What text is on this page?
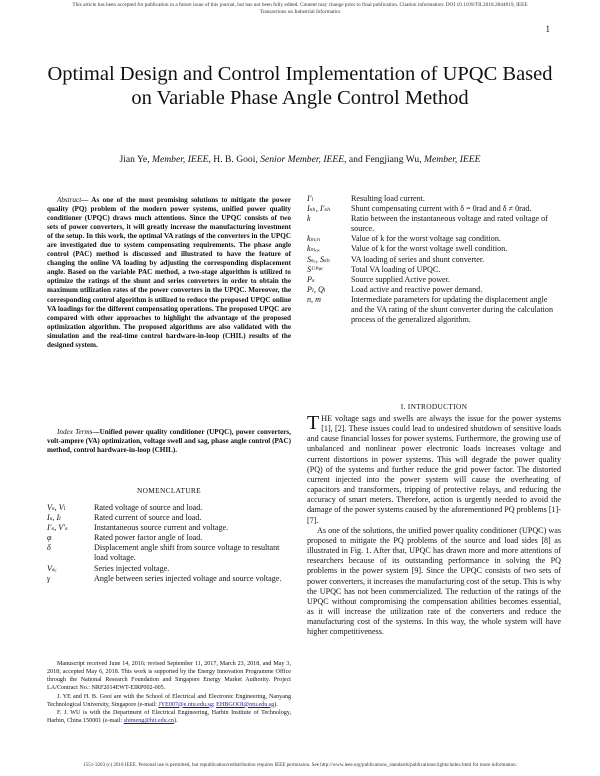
This article has been accepted for publication in a future issue of this journal, but has not been fully edited. Content may change prior to final publication. Citation information: DOI 10.1109/TII.2018.2844819, IEEE
Transactions on Industrial Informatics
1
Optimal Design and Control Implementation of UPQC Based on Variable Phase Angle Control Method
Jian Ye, Member, IEEE, H. B. Gooi, Senior Member, IEEE, and Fengjiang Wu, Member, IEEE
Abstract— As one of the most promising solutions to mitigate the power quality (PQ) problem of the modern power systems, unified power quality conditioner (UPQC) draws much attentions. Since the UPQC consists of two sets of power converters, it will greatly increase the manufacturing investment of the setup. In this work, the optimal VA ratings of the converters in the UPQC are investigated due to system compensating requirements. The phase angle control (PAC) method is discussed and illustrated to have the feature of changing the online VA loading by adjusting the corresponding displacement angle. Based on the variable PAC method, a two-stage algorithm is utilized to optimize the ratings of the shunt and series converters in order to obtain the maximum utilization rates of the power converters in the UPQC. Moreover, the corresponding control algorithm is utilized to reduce the proposed UPQC online VA loadings for the different compensating operations. The proposed UPQC are compared with other approaches to highlight the advantage of the proposed optimization algorithm. The proposed algorithms are also validated with the simulation and the real-time control hardware-in-loop (CHIL) results of the designed system.
Index Terms—Unified power quality conditioner (UPQC), power converters, volt-ampere (VA) optimization, voltage swell and sag, phase angle control (PAC) method, control hardware-in-loop (CHIL).
NOMENCLATURE
Vₛ, Vₗ	Rated voltage of source and load.
Iₛ, Iₗ	Rated current of source and load.
I′ₛ, V′ₛ	Instantaneous source current and voltage.
φ	Rated power factor angle of load.
δ	Displacement angle shift from source voltage to resultant load voltage.
Vₛₑ	Series injected voltage.
γ	Angle between series injected voltage and source voltage.

Manuscript received June 14, 2016; revised September 11, 2017, March 23, 2018, and May 3, 2018; accepted May 6, 2018. This work is supported by the Energy Innovation Programme Office through the National Research Foundation and Singapore Energy Market Authority. Project LA/Contract No.: NRF2014EWT-EIRP002-005.

J. YE and H. B. Gooi are with the School of Electrical and Electronic Engineering, Nanyang Technological University, Singapore (e-mail: JYE007@e.ntu.edu.sg; EHBGOOI@ntu.edu.sg).

F. J. WU is with the Department of Electrical Engineering, Harbin Institute of Technology, Harbin, China 150001 (e-mail: shimeng@hit.edu.cn).

I′ₗ	Resulting load current.
Iₛₕ, I′ₛₕ	Shunt compensating current with δ = 0rad and δ ≠ 0rad.
k	Ratio between the instantaneous voltage and rated voltage of source.
kₘᵢₙ	Value of k for the worst voltage sag condition.
kₘₐₓ	Value of k for the worst voltage swell condition.
Sₛₑ, Sₛₕ	VA loading of series and shunt converter.
Sᵁᴾᵠᶜ	Total VA loading of UPQC.
Pₛ	Source supplied Active power.
Pₗ, Qₗ	Load active and reactive power demand.
n, m	Intermediate parameters for updating the displacement angle and the VA rating of the shunt converter during the calculation process of the generalized algorithm.
I. INTRODUCTION

THE voltage sags and swells are always the issue for the power systems [1], [2]. These issues could lead to undesired shutdown of sensitive loads and cause financial losses for power systems. Furthermore, the growing use of unbalanced and nonlinear power electronic loads increases voltage and current distortions in power systems. This will degrade the power quality (PQ) of the systems and further reduce the grid power factor. The distorted current injected into the power system will cause the overheating of capacitors and transformers, tripping of protective relays, and reducing the accuracy of smart meters. Therefore, action is urgently needed to avoid the damage of the power systems caused by the aforementioned PQ problems [1]-[7].

As one of the solutions, the unified power quality conditioner (UPQC) was proposed to mitigate the PQ problems of the source and load sides [8] as illustrated in Fig. 1. After that, UPQC has drawn more and more attentions of researchers because of its outstanding performance in solving the PQ problems in the power system [9]. Since the UPQC consists of two sets of power converters, it increases the manufacturing cost of the setup. This is why the UPQC has not been commercialized. The reduction of the ratings of the UPQC without compromising the compensation abilities becomes essential, as it will increase the utilization rate of the converters and reduce the manufacturing cost of the systems. In this way, the whole system will have higher competitiveness.

1551-3203 (c) 2018 IEEE. Personal use is permitted, but republication/redistribution requires IEEE permission. See http://www.ieee.org/publications_standards/publications/rights/index.html for more information.
